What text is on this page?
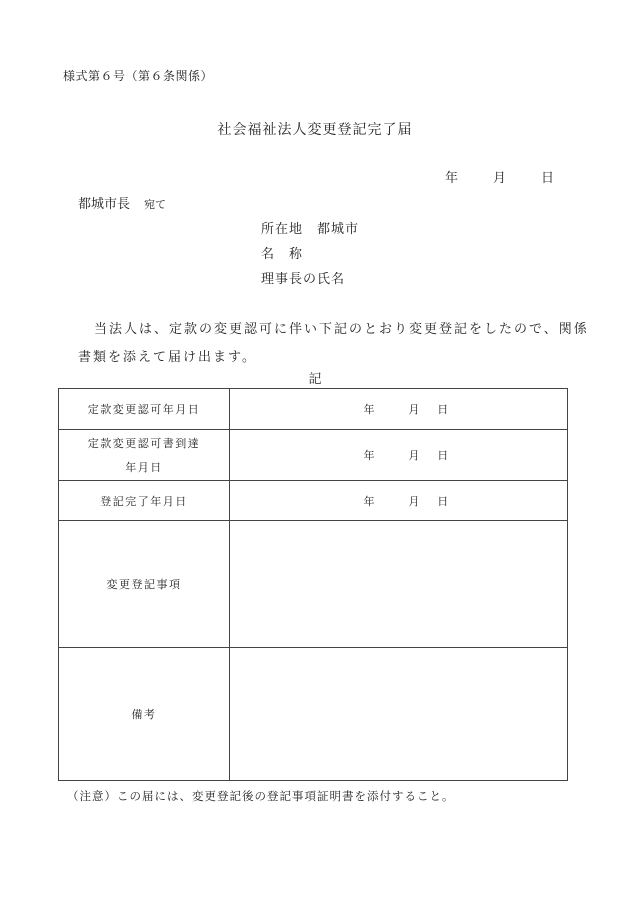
様式第６号（第６条関係）
社会福祉法人変更登記完了届
年	月	日
都城市長 宛て
所在地 都城市
名　称
理事長の氏名
当法人は、定款の変更認可に伴い下記のとおり変更登記をしたので、関係書類を添えて届け出ます。
記
定款変更認可年月日	年 月 日

定款変更認可書到達
年月日	年 月 日

登記完了年月日	年 月 日

変更登記事項	
備考	
（注意）この届には、変更登記後の登記事項証明書を添付すること。
